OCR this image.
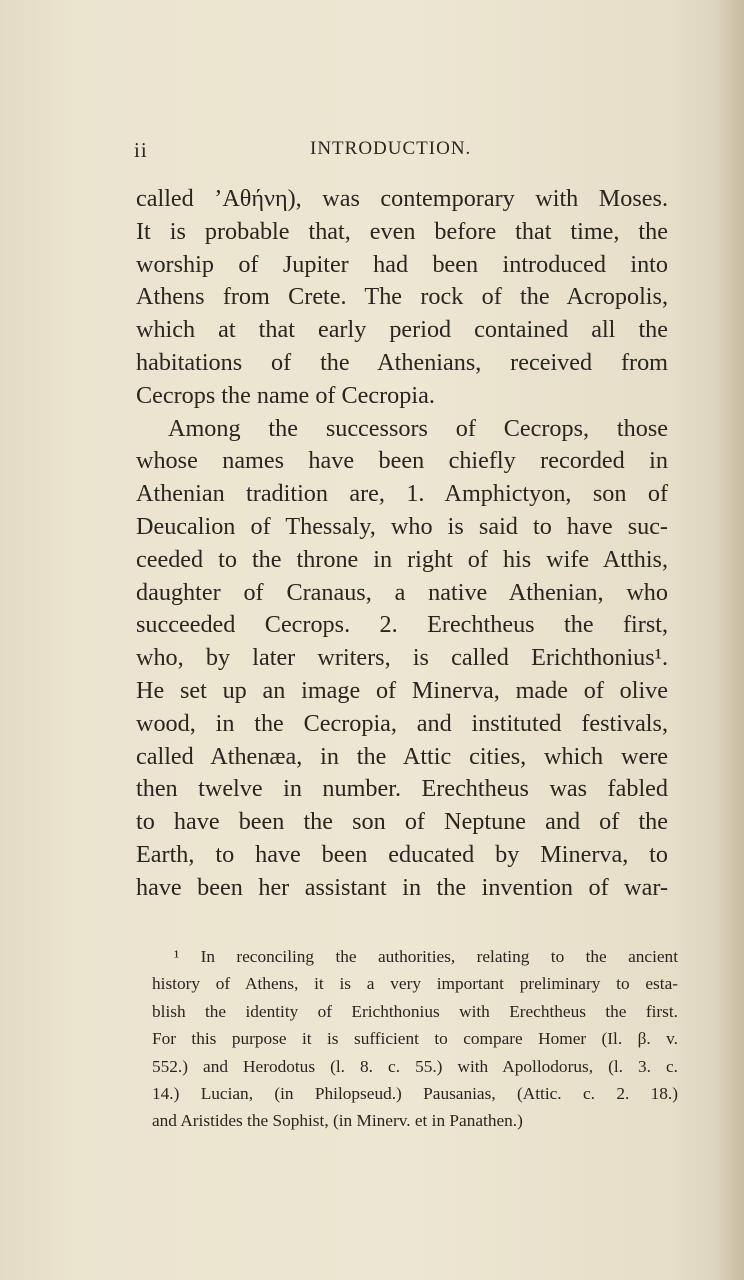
ii	INTRODUCTION.
called ’Αθήνη), was contemporary with Moses.
It is probable that, even before that time, the
worship of Jupiter had been introduced into
Athens from Crete. The rock of the Acropolis,
which at that early period contained all the
habitations of the Athenians, received from
Cecrops the name of Cecropia.
Among the successors of Cecrops, those
whose names have been chiefly recorded in
Athenian tradition are, 1. Amphictyon, son of
Deucalion of Thessaly, who is said to have suc-
ceeded to the throne in right of his wife Atthis,
daughter of Cranaus, a native Athenian, who
succeeded Cecrops. 2. Erechtheus the first,
who, by later writers, is called Erichthonius¹.
He set up an image of Minerva, made of olive
wood, in the Cecropia, and instituted festivals,
called Athenæa, in the Attic cities, which were
then twelve in number. Erechtheus was fabled
to have been the son of Neptune and of the
Earth, to have been educated by Minerva, to
have been her assistant in the invention of war-
¹ In reconciling the authorities, relating to the ancient
history of Athens, it is a very important preliminary to esta-
blish the identity of Erichthonius with Erechtheus the first.
For this purpose it is sufficient to compare Homer (Il. β. v.
552.) and Herodotus (l. 8. c. 55.) with Apollodorus, (l. 3. c.
14.) Lucian, (in Philopseud.) Pausanias, (Attic. c. 2. 18.)
and Aristides the Sophist, (in Minerv. et in Panathen.)
